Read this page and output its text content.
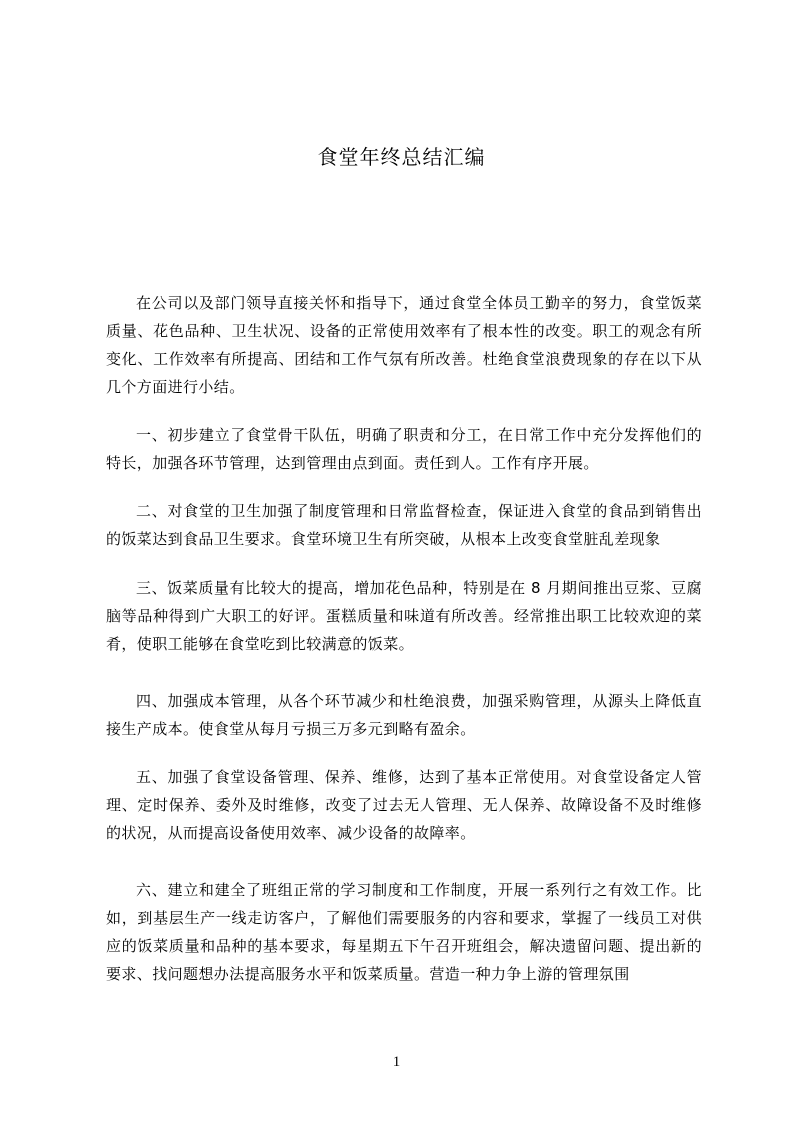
食堂年终总结汇编

在公司以及部门领导直接关怀和指导下，通过食堂全体员工勤辛的努力，食堂饭菜质量、花色品种、卫生状况、设备的正常使用效率有了根本性的改变。职工的观念有所变化、工作效率有所提高、团结和工作气氛有所改善。杜绝食堂浪费现象的存在以下从几个方面进行小结。

一、初步建立了食堂骨干队伍，明确了职责和分工，在日常工作中充分发挥他们的特长，加强各环节管理，达到管理由点到面。责任到人。工作有序开展。

二、对食堂的卫生加强了制度管理和日常监督检查，保证进入食堂的食品到销售出的饭菜达到食品卫生要求。食堂环境卫生有所突破，从根本上改变食堂脏乱差现象

三、饭菜质量有比较大的提高，增加花色品种，特别是在 8 月期间推出豆浆、豆腐脑等品种得到广大职工的好评。蛋糕质量和味道有所改善。经常推出职工比较欢迎的菜肴，使职工能够在食堂吃到比较满意的饭菜。

四、加强成本管理，从各个环节减少和杜绝浪费，加强采购管理，从源头上降低直接生产成本。使食堂从每月亏损三万多元到略有盈余。

五、加强了食堂设备管理、保养、维修，达到了基本正常使用。对食堂设备定人管理、定时保养、委外及时维修，改变了过去无人管理、无人保养、故障设备不及时维修的状况，从而提高设备使用效率、减少设备的故障率。

六、建立和建全了班组正常的学习制度和工作制度，开展一系列行之有效工作。比如，到基层生产一线走访客户，了解他们需要服务的内容和要求，掌握了一线员工对供应的饭菜质量和品种的基本要求，每星期五下午召开班组会，解决遗留问题、提出新的要求、找问题想办法提高服务水平和饭菜质量。营造一种力争上游的管理氛围

1
